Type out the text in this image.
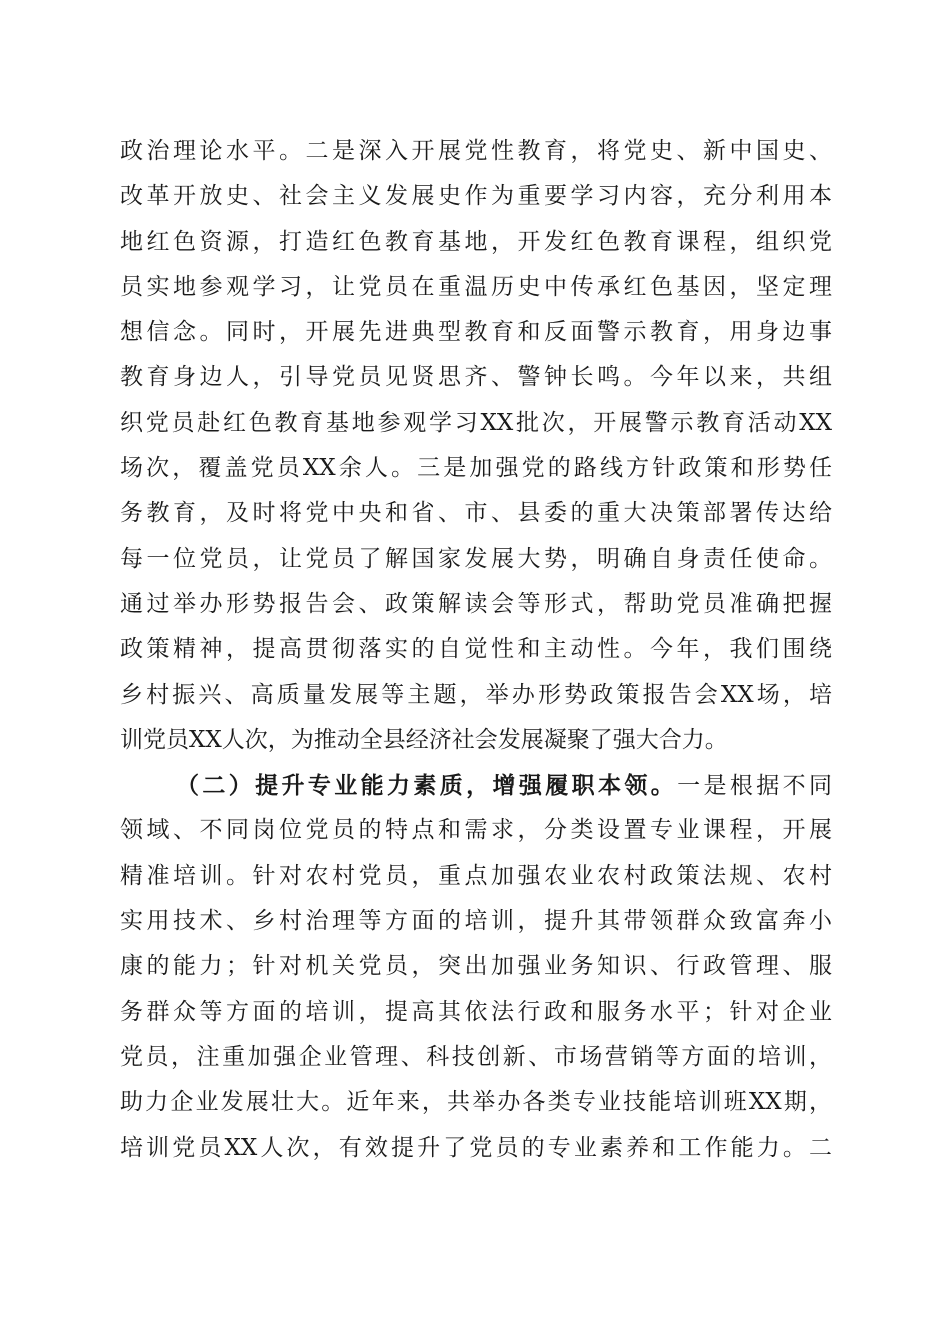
政治理论水平。二是深入开展党性教育，将党史、新中国史、
改革开放史、社会主义发展史作为重要学习内容，充分利用本
地红色资源，打造红色教育基地，开发红色教育课程，组织党
员实地参观学习，让党员在重温历史中传承红色基因，坚定理
想信念。同时，开展先进典型教育和反面警示教育，用身边事
教育身边人，引导党员见贤思齐、警钟长鸣。今年以来，共组
织党员赴红色教育基地参观学习XX批次，开展警示教育活动XX
场次，覆盖党员XX余人。三是加强党的路线方针政策和形势任
务教育，及时将党中央和省、市、县委的重大决策部署传达给
每一位党员，让党员了解国家发展大势，明确自身责任使命。
通过举办形势报告会、政策解读会等形式，帮助党员准确把握
政策精神，提高贯彻落实的自觉性和主动性。今年，我们围绕
乡村振兴、高质量发展等主题，举办形势政策报告会XX场，培
训党员XX人次，为推动全县经济社会发展凝聚了强大合力。
（二）提升专业能力素质，增强履职本领。一是根据不同
领域、不同岗位党员的特点和需求，分类设置专业课程，开展
精准培训。针对农村党员，重点加强农业农村政策法规、农村
实用技术、乡村治理等方面的培训，提升其带领群众致富奔小
康的能力；针对机关党员，突出加强业务知识、行政管理、服
务群众等方面的培训，提高其依法行政和服务水平；针对企业
党员，注重加强企业管理、科技创新、市场营销等方面的培训，
助力企业发展壮大。近年来，共举办各类专业技能培训班XX期，
培训党员XX人次，有效提升了党员的专业素养和工作能力。二
